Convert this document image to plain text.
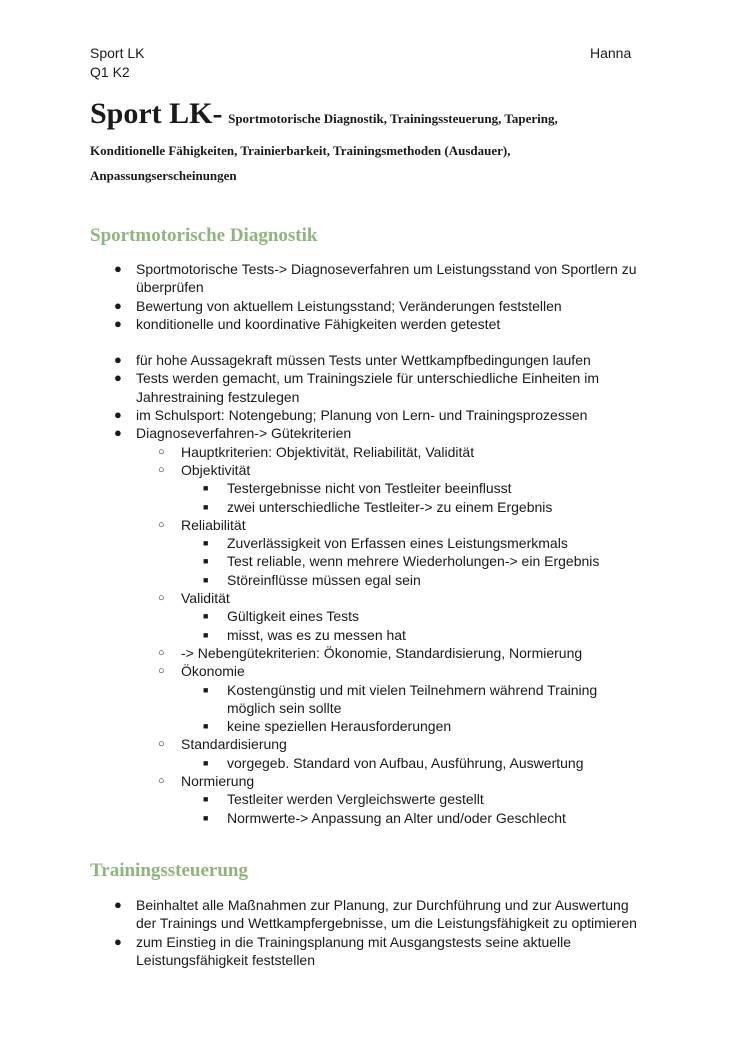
Sport LK
Q1 K2
Hanna
Sport LK- Sportmotorische Diagnostik, Trainingssteuerung, Tapering,
Konditionelle Fähigkeiten, Trainierbarkeit, Trainingsmethoden (Ausdauer),
Anpassungserscheinungen
Sportmotorische Diagnostik
● Sportmotorische Tests-> Diagnoseverfahren um Leistungsstand von Sportlern zu überprüfen
● Bewertung von aktuellem Leistungsstand; Veränderungen feststellen
● konditionelle und koordinative Fähigkeiten werden getestet
● für hohe Aussagekraft müssen Tests unter Wettkampfbedingungen laufen
● Tests werden gemacht, um Trainingsziele für unterschiedliche Einheiten im Jahrestraining festzulegen
● im Schulsport: Notengebung; Planung von Lern- und Trainingsprozessen
● Diagnoseverfahren-> Gütekriterien
○ Hauptkriterien: Objektivität, Reliabilität, Validität
○ Objektivität
■ Testergebnisse nicht von Testleiter beeinflusst
■ zwei unterschiedliche Testleiter-> zu einem Ergebnis
○ Reliabilität
■ Zuverlässigkeit von Erfassen eines Leistungsmerkmals
■ Test reliable, wenn mehrere Wiederholungen-> ein Ergebnis
■ Störeinflüsse müssen egal sein
○ Validität
■ Gültigkeit eines Tests
■ misst, was es zu messen hat
○ -> Nebengütekriterien: Ökonomie, Standardisierung, Normierung
○ Ökonomie
■ Kostengünstig und mit vielen Teilnehmern während Training möglich sein sollte
■ keine speziellen Herausforderungen
○ Standardisierung
■ vorgegeb. Standard von Aufbau, Ausführung, Auswertung
○ Normierung
■ Testleiter werden Vergleichswerte gestellt
■ Normwerte-> Anpassung an Alter und/oder Geschlecht
Trainingssteuerung
● Beinhaltet alle Maßnahmen zur Planung, zur Durchführung und zur Auswertung der Trainings und Wettkampfergebnisse, um die Leistungsfähigkeit zu optimieren
● zum Einstieg in die Trainingsplanung mit Ausgangstests seine aktuelle Leistungsfähigkeit feststellen
